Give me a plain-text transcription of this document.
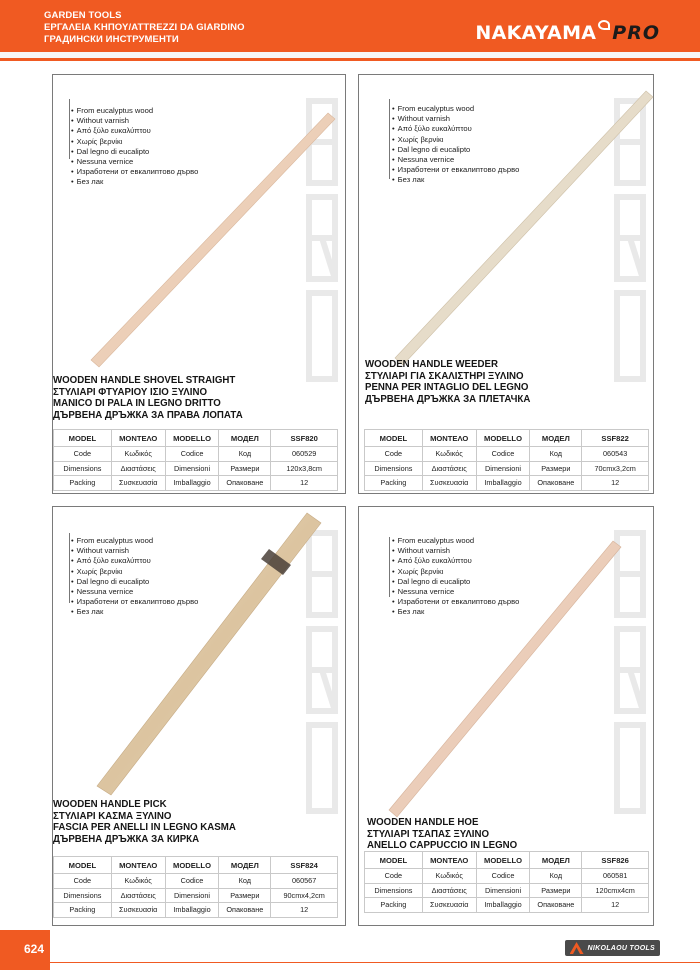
GARDEN TOOLS
ΕΡΓΑΛΕΙΑ ΚΗΠΟΥ/ATTREZZI DA GIARDINO
ГРАДИНСКИ ИНСТРУМЕНТИ	NAKAYAMA PRO
• From eucalyptus wood
• Without varnish
• Από ξύλο ευκαλύπτου
• Χωρίς βερνίκι
• Dal legno di eucalipto
• Nessuna vernice
• Изработени от евкалиптово дърво
• Без лак
WOODEN HANDLE SHOVEL STRAIGHT
ΣΤΥΛΙΑΡΙ ΦΤΥΑΡΙΟΥ ΙΣΙΟ ΞΥΛΙΝΟ
MANICO DI PALA IN LEGNO DRITTO
ДЪРВЕНА ДРЪЖКА ЗА ПРАВА ЛОПАТА
MODEL	ΜΟΝΤΕΛΟ	MODELLO	МОДЕЛ	SSF820
Code	Κωδικός	Codice	Код	060529
Dimensions	Διαστάσεις	Dimensioni	Размери	120x3,8cm
Packing	Συσκευασία	Imballaggio	Опаковане	12
• From eucalyptus wood
• Without varnish
• Από ξύλο ευκαλύπτου
• Χωρίς βερνίκι
• Dal legno di eucalipto
• Nessuna vernice
• Изработени от евкалиптово дърво
• Без лак
WOODEN HANDLE WEEDER
ΣΤΥΛΙΑΡΙ ΓΙΑ ΣΚΑΛΙΣΤΗΡΙ ΞΥΛΙΝΟ
PENNA PER INTAGLIO DEL LEGNO
ДЪРВЕНА ДРЪЖКА ЗА ПЛЕТАЧКА
MODEL	ΜΟΝΤΕΛΟ	MODELLO	МОДЕЛ	SSF822
Code	Κωδικός	Codice	Код	060543
Dimensions	Διαστάσεις	Dimensioni	Размери	70cmx3,2cm
Packing	Συσκευασία	Imballaggio	Опаковане	12
• From eucalyptus wood
• Without varnish
• Από ξύλο ευκαλύπτου
• Χωρίς βερνίκι
• Dal legno di eucalipto
• Nessuna vernice
• Изработени от евкалиптово дърво
• Без лак
WOODEN HANDLE PICK
ΣΤΥΛΙΑΡΙ ΚΑΣΜΑ ΞΥΛΙΝΟ
FASCIA PER ANELLI IN LEGNO KASMA
ДЪРВЕНА ДРЪЖКА ЗА КИРКА
MODEL	ΜΟΝΤΕΛΟ	MODELLO	МОДЕЛ	SSF824
Code	Κωδικός	Codice	Код	060567
Dimensions	Διαστάσεις	Dimensioni	Размери	90cmx4,2cm
Packing	Συσκευασία	Imballaggio	Опаковане	12
• From eucalyptus wood
• Without varnish
• Από ξύλο ευκαλύπτου
• Χωρίς βερνίκι
• Dal legno di eucalipto
• Nessuna vernice
• Изработени от евкалиптово дърво
• Без лак
WOODEN HANDLE HOE
ΣΤΥΛΙΑΡΙ ΤΣΑΠΑΣ ΞΥΛΙΝΟ
ANELLO CAPPUCCIO IN LEGNO
MODEL	ΜΟΝΤΕΛΟ	MODELLO	МОДЕЛ	SSF826
Code	Κωδικός	Codice	Код	060581
Dimensions	Διαστάσεις	Dimensioni	Размери	120cmx4cm
Packing	Συσκευασία	Imballaggio	Опаковане	12
624	NIKOLAOU TOOLS
